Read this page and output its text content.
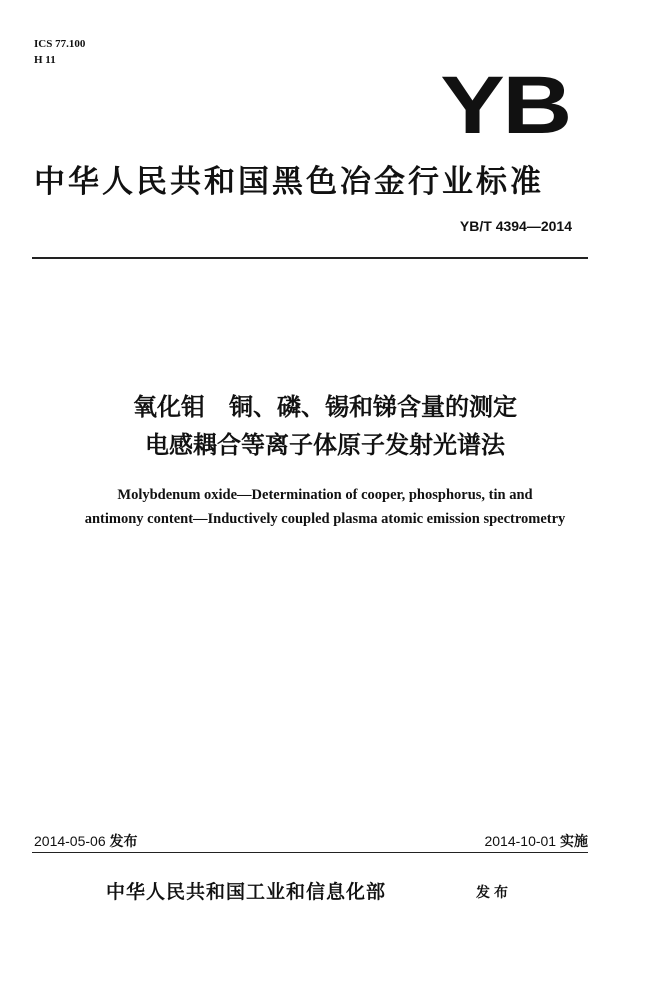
ICS 77.100
H 11	YB
中华人民共和国黑色冶金行业标准
YB/T 4394—2014
氧化钼　铜、磷、锡和锑含量的测定
电感耦合等离子体原子发射光谱法
Molybdenum oxide—Determination of cooper, phosphorus, tin and
antimony content—Inductively coupled plasma atomic emission spectrometry
2014-05-06 发布	2014-10-01 实施
中华人民共和国工业和信息化部	发布
